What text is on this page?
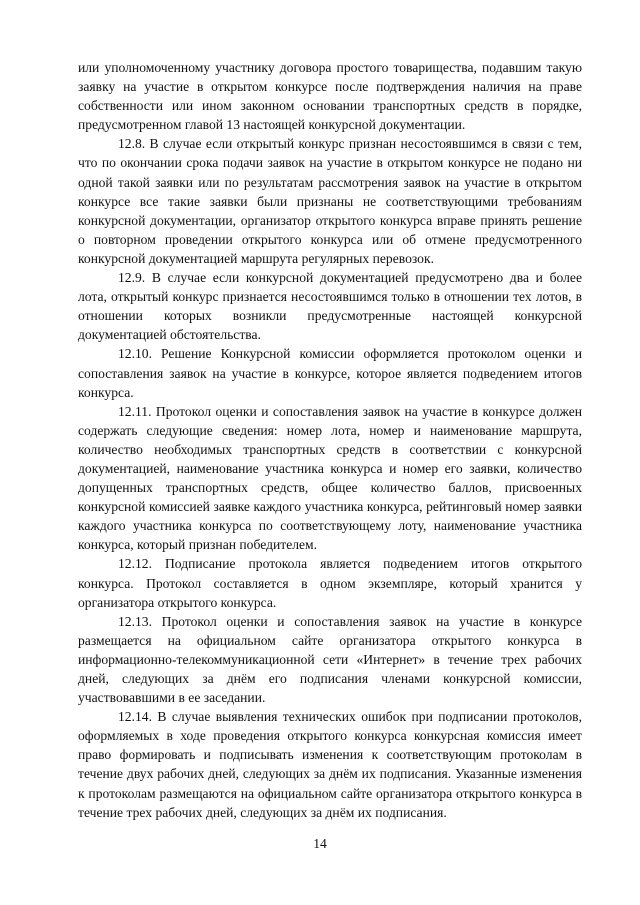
или уполномоченному участнику договора простого товарищества, подавшим такую заявку на участие в открытом конкурсе после подтверждения наличия на праве собственности или ином законном основании транспортных средств в порядке, предусмотренном главой 13 настоящей конкурсной документации.

12.8. В случае если открытый конкурс признан несостоявшимся в связи с тем, что по окончании срока подачи заявок на участие в открытом конкурсе не подано ни одной такой заявки или по результатам рассмотрения заявок на участие в открытом конкурсе все такие заявки были признаны не соответствующими требованиям конкурсной документации, организатор открытого конкурса вправе принять решение о повторном проведении открытого конкурса или об отмене предусмотренного конкурсной документацией маршрута регулярных перевозок.

12.9. В случае если конкурсной документацией предусмотрено два и более лота, открытый конкурс признается несостоявшимся только в отношении тех лотов, в отношении которых возникли предусмотренные настоящей конкурсной документацией обстоятельства.

12.10. Решение Конкурсной комиссии оформляется протоколом оценки и сопоставления заявок на участие в конкурсе, которое является подведением итогов конкурса.

12.11. Протокол оценки и сопоставления заявок на участие в конкурсе должен содержать следующие сведения: номер лота, номер и наименование маршрута, количество необходимых транспортных средств в соответствии с конкурсной документацией, наименование участника конкурса и номер его заявки, количество допущенных транспортных средств, общее количество баллов, присвоенных конкурсной комиссией заявке каждого участника конкурса, рейтинговый номер заявки каждого участника конкурса по соответствующему лоту, наименование участника конкурса, который признан победителем.

12.12. Подписание протокола является подведением итогов открытого конкурса. Протокол составляется в одном экземпляре, который хранится у организатора открытого конкурса.

12.13. Протокол оценки и сопоставления заявок на участие в конкурсе размещается на официальном сайте организатора открытого конкурса в информационно-телекоммуникационной сети «Интернет» в течение трех рабочих дней, следующих за днём его подписания членами конкурсной комиссии, участвовавшими в ее заседании.

12.14. В случае выявления технических ошибок при подписании протоколов, оформляемых в ходе проведения открытого конкурса конкурсная комиссия имеет право формировать и подписывать изменения к соответствующим протоколам в течение двух рабочих дней, следующих за днём их подписания. Указанные изменения к протоколам размещаются на официальном сайте организатора открытого конкурса в течение трех рабочих дней, следующих за днём их подписания.

14
